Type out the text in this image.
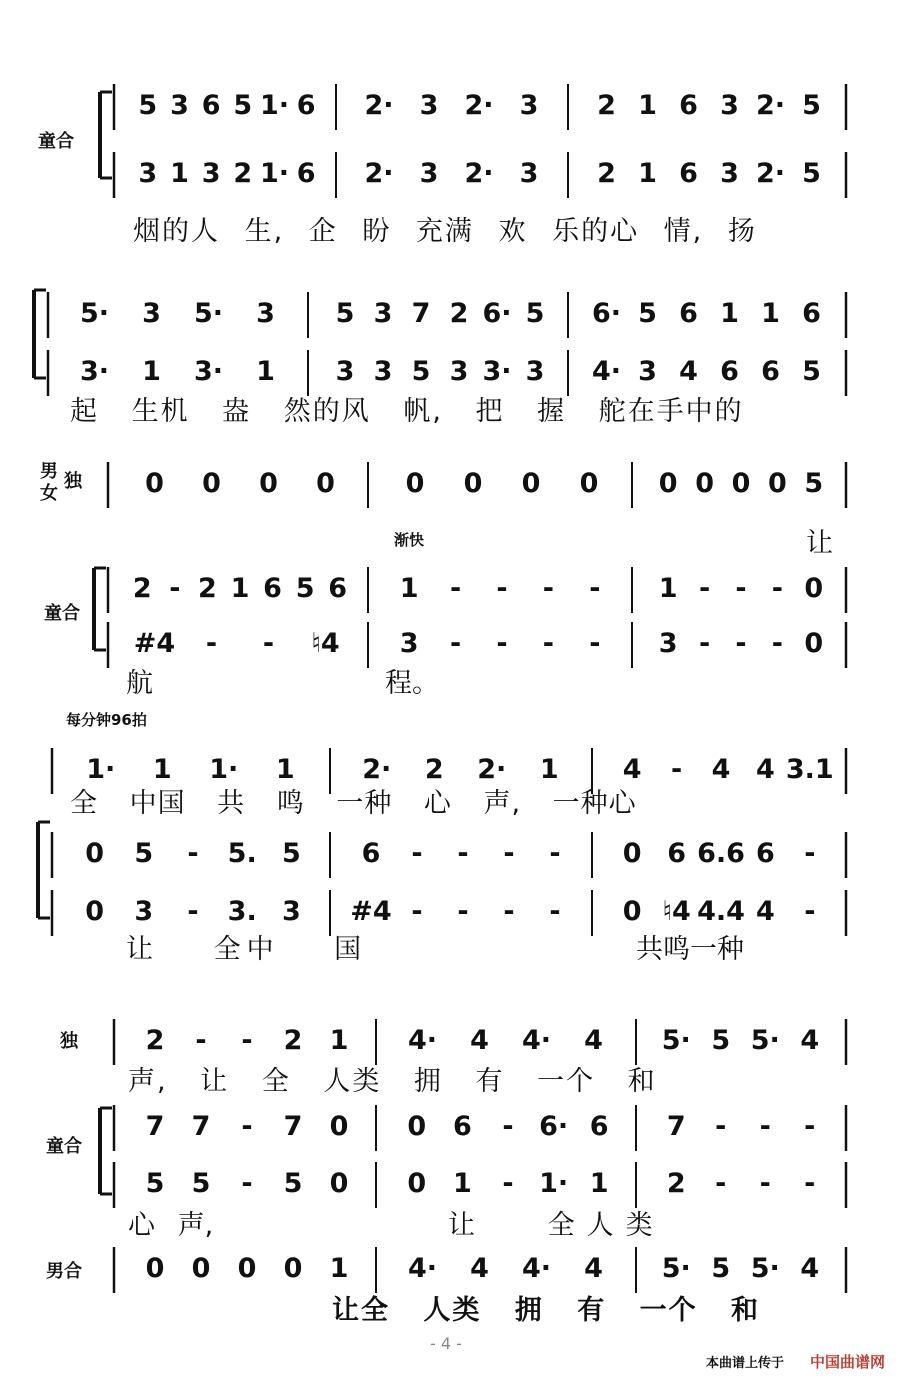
童合
男
女
独
童合
独
童合
男合
渐快
每分钟96拍
烟的人 生, 企 盼 充满 欢 乐的心 情, 扬
起 生机 盎 然的风 帆, 把 握 舵在手中的
让
航	程。
全 中国 共 鸣 一种 心 声, 一种心
让 全中 国	共鸣一种
声, 让 全 人类 拥 有 一个 和
心 声,	让 全人类
让全 人类 拥 有 一个 和
- 4 -
本曲谱上传于 中国曲谱网
5 3 6 5 1· 6 2· 3 2· 3 2 1 6 3 2· 5
3 1 3 2 1· 6 2· 3 2· 3 2 1 6 3 2· 5
5· 3 5· 3 5 3 7 2 6· 5 6· 5 6 1 1 6
3· 1 3· 1 3 3 5 3 3· 3 4· 3 4 6 6 5
0 0 0 0	0 0 0 0 0 0 0 0 5
2 - 2 1 6 5 6 1 - - - - 1 - - - 0
#4 - - ♮4 3 - - - - 3 - - - 0
1· 1 1· 1	2· 2 2· 1 4 - 4 4 3.1
0 5 - 5. 5 6 - - - - 0 6 6.6 6 -
0 3 - 3. 3 #4 - - - - 0 ♮4 4.4 4 -
2 - - 2 1 4· 4 4· 4 5· 5 5· 4
7 7 - 7 0 0 6 - 6· 6 7 - - -
5 5 - 5 0 0 1 - 1· 1 2 - - -
0 0 0 0 1 4· 4 4· 4 5· 5 5· 4
